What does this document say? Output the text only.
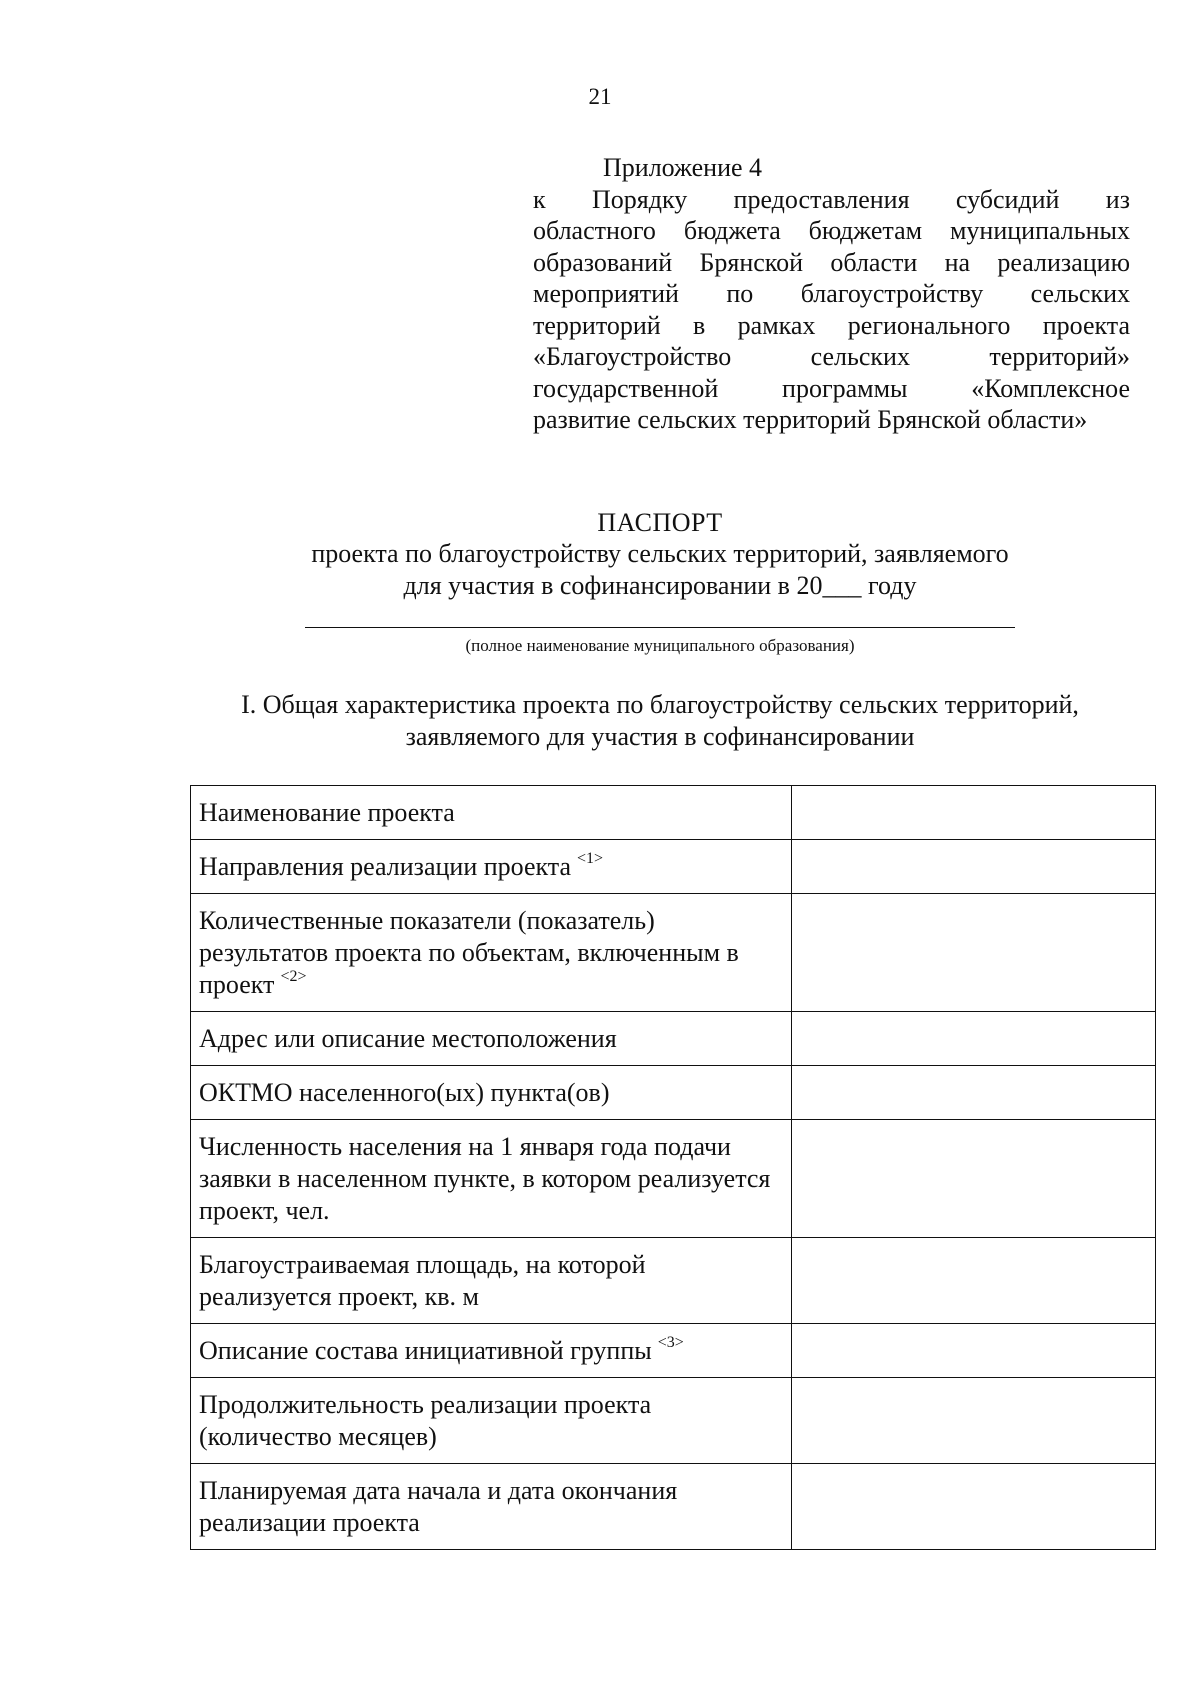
21
Приложение 4
к Порядку предоставления субсидий из
областного бюджета бюджетам муниципальных
образований Брянской области на реализацию
мероприятий по благоустройству сельских
территорий в рамках регионального проекта
«Благоустройство сельских территорий»
государственной программы «Комплексное
развитие сельских территорий Брянской области»
ПАСПОРТ
проекта по благоустройству сельских территорий, заявляемого
для участия в софинансировании в 20___ году
(полное наименование муниципального образования)
I. Общая характеристика проекта по благоустройству сельских территорий,
заявляемого для участия в софинансировании
Наименование проекта	
Направления реализации проекта $^{<1>}$	
Количественные показатели (показатель) результатов проекта по объектам, включенным в проект $^{<2>}$	
Адрес или описание местоположения	
ОКТМО населенного(ых) пункта(ов)	
Численность населения на 1 января года подачи заявки в населенном пункте, в котором реализуется проект, чел.	
Благоустраиваемая площадь, на которой реализуется проект, кв. м	
Описание состава инициативной группы $^{<3>}$	
Продолжительность реализации проекта (количество месяцев)	
Планируемая дата начала и дата окончания реализации проекта	
